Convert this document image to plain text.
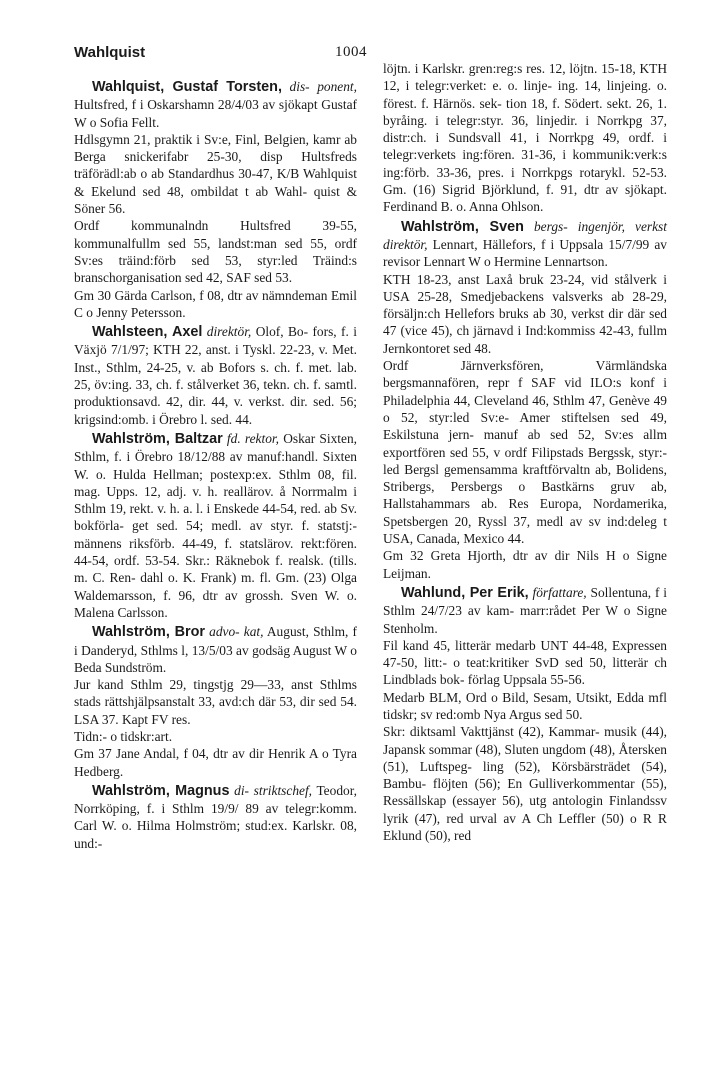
Wahlquist	1004

Wahlquist, Gustaf Torsten, dis- ponent, Hultsfred, f i Oskarshamn 28/4/03 av sjökapt Gustaf W o Sofia Fellt.

Hdlsgymn 21, praktik i Sv:e, Finl, Belgien, kamr ab Berga snickerifabr 25-30, disp Hultsfreds träförädl:ab o ab Standardhus 30-47, K/B Wahlquist & Ekelund sed 48, ombildat t ab Wahl- quist & Söner 56.

Ordf kommunalndn Hultsfred 39-55, kommunalfullm sed 55, landst:man sed 55, ordf Sv:es träind:förb sed 53, styr:led Träind:s branschorganisation sed 42, SAF sed 53.

Gm 30 Gärda Carlson, f 08, dtr av nämndeman Emil C o Jenny Petersson.

Wahlsteen, Axel direktör, Olof, Bo- fors, f. i Växjö 7/1/97; KTH 22, anst. i Tyskl. 22-23, v. Met. Inst., Sthlm, 24-25, v. ab Bofors s. ch. f. met. lab. 25, öv:ing. 33, ch. f. stålverket 36, tekn. ch. f. samtl. produktionsavd. 42, dir. 44, v. verkst. dir. sed. 56; krigsind:omb. i Örebro l. sed. 44.

Wahlström, Baltzar fd. rektor, Oskar Sixten, Sthlm, f. i Örebro 18/12/88 av manuf:handl. Sixten W. o. Hulda Hellman; postexp:ex. Sthlm 08, fil. mag. Upps. 12, adj. v. h. reallärov. å Norrmalm i Sthlm 19, rekt. v. h. a. l. i Enskede 44-54, red. ab Sv. bokförla- get sed. 54; medl. av styr. f. statstj:- männens riksförb. 44-49, f. statslärov. rekt:fören. 44-54, ordf. 53-54. Skr.: Räknebok f. realsk. (tills. m. C. Ren- dahl o. K. Frank) m. fl. Gm. (23) Olga Waldemarsson, f. 96, dtr av grossh. Sven W. o. Malena Carlsson.

Wahlström, Bror advo- kat, August, Sthlm, f i Danderyd, Sthlms l, 13/5/03 av godsäg August W o Beda Sundström.

Jur kand Sthlm 29, tingstjg 29—33, anst Sthlms stads rättshjälpsanstalt 33, avd:ch där 53, dir sed 54. LSA 37. Kapt FV res.

Tidn:- o tidskr:art.

Gm 37 Jane Andal, f 04, dtr av dir Henrik A o Tyra Hedberg.

Wahlström, Magnus di- striktschef, Teodor, Norrköping, f. i Sthlm 19/9/ 89 av telegr:komm. Carl W. o. Hilma Holmström; stud:ex. Karlskr. 08, und:-

löjtn. i Karlskr. gren:reg:s res. 12, löjtn. 15-18, KTH 12, i telegr:verket: e. o. linje- ing. 14, linjeing. o. förest. f. Härnös. sek- tion 18, f. Södert. sekt. 26, 1. byråing. i telegr:styr. 36, linjedir. i Norrkpg 37, distr:ch. i Sundsvall 41, i Norrkpg 49, ordf. i telegr:verkets ing:fören. 31-36, i kommunik:verk:s ing:förb. 33-36, pres. i Norrkpgs rotarykl. 52-53. Gm. (16) Sigrid Björklund, f. 91, dtr av sjökapt. Ferdinand B. o. Anna Ohlson.

Wahlström, Sven bergs- ingenjör, verkst direktör, Lennart, Hällefors, f i Uppsala 15/7/99 av revisor Lennart W o Hermine Lennartson.

KTH 18-23, anst Laxå bruk 23-24, vid stålverk i USA 25-28, Smedjebackens valsverks ab 28-29, försäljn:ch Hellefors bruks ab 30, verkst dir där sed 47 (vice 45), ch järnavd i Ind:kommiss 42-43, fullm Jernkontoret sed 48.

Ordf Järnverksfören, Värmländska bergsmannafören, repr f SAF vid ILO:s konf i Philadelphia 44, Cleveland 46, Sthlm 47, Genève 49 o 52, styr:led Sv:e- Amer stiftelsen sed 49, Eskilstuna jern- manuf ab sed 52, Sv:es allm exportfören sed 55, v ordf Filipstads Bergssk, styr:- led Bergsl gemensamma kraftförvaltn ab, Bolidens, Stribergs, Persbergs o Bastkärns gruv ab, Hallstahammars ab. Res Europa, Nordamerika, Spetsbergen 20, Ryssl 37, medl av sv ind:deleg t USA, Canada, Mexico 44.

Gm 32 Greta Hjorth, dtr av dir Nils H o Signe Leijman.

Wahlund, Per Erik, författare, Sollentuna, f i Sthlm 24/7/23 av kam- marr:rådet Per W o Signe Stenholm.

Fil kand 45, litterär medarb UNT 44-48, Expressen 47-50, litt:- o teat:kritiker SvD sed 50, litterär ch Lindblads bok- förlag Uppsala 55-56.

Medarb BLM, Ord o Bild, Sesam, Utsikt, Edda mfl tidskr; sv red:omb Nya Argus sed 50.

Skr: diktsaml Vakttjänst (42), Kammar- musik (44), Japansk sommar (48), Sluten ungdom (48), Återsken (51), Luftspeg- ling (52), Körsbärsträdet (54), Bambu- flöjten (56); En Gulliverkommentar (55), Ressällskap (essayer 56), utg antologin Finlandssv lyrik (47), red urval av A Ch Leffler (50) o R R Eklund (50), red
